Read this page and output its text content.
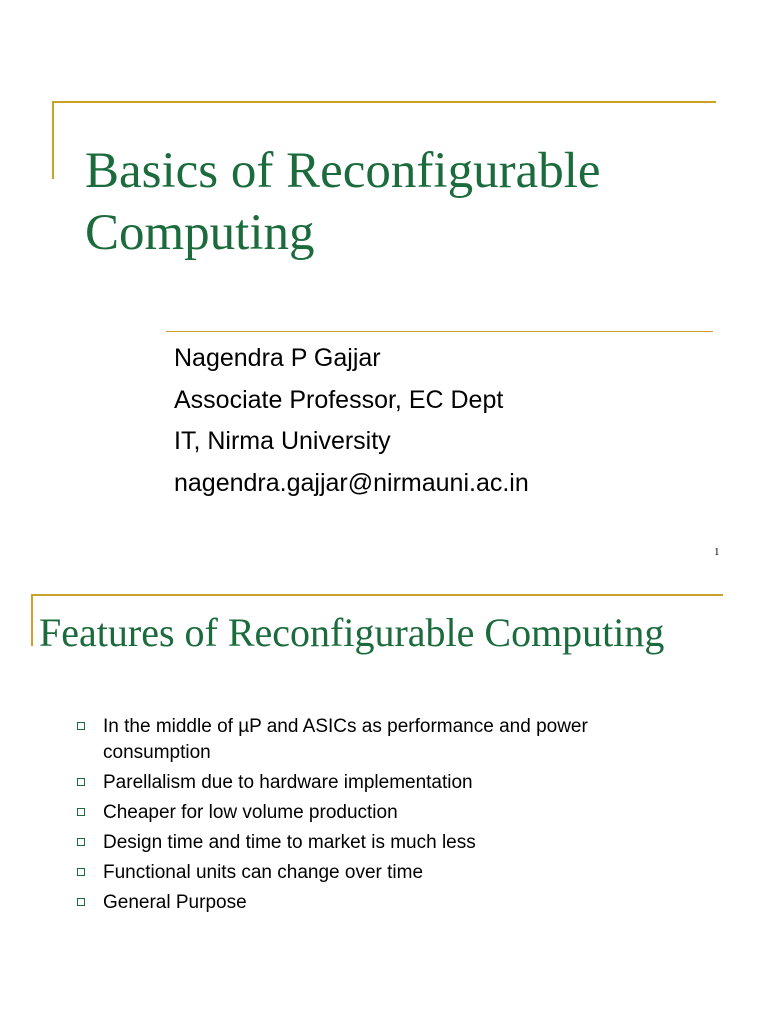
Basics of Reconfigurable
Computing
Nagendra P Gajjar
Associate Professor, EC Dept
IT, Nirma University
nagendra.gajjar@nirmauni.ac.in
1
Features of Reconfigurable Computing
In the middle of µP and ASICs as performance and power consumption
Parellalism due to hardware implementation
Cheaper for low volume production
Design time and time to market is much less
Functional units can change over time
General Purpose
